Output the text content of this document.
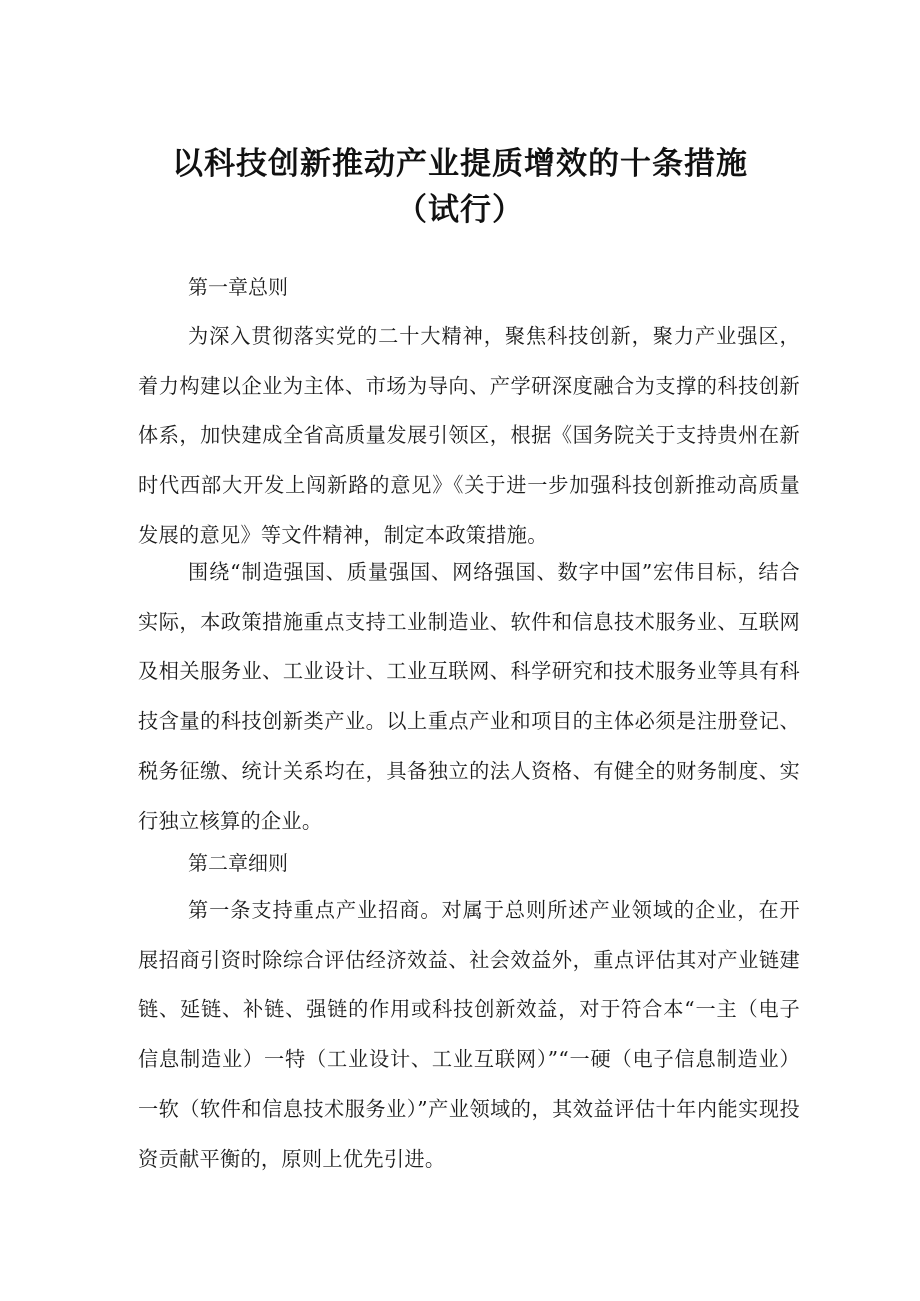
以科技创新推动产业提质增效的十条措施
（试行）

第一章总则

为深入贯彻落实党的二十大精神，聚焦科技创新，聚力产业强区，着力构建以企业为主体、市场为导向、产学研深度融合为支撑的科技创新体系，加快建成全省高质量发展引领区，根据《国务院关于支持贵州在新时代西部大开发上闯新路的意见》《关于进一步加强科技创新推动高质量发展的意见》等文件精神，制定本政策措施。

围绕“制造强国、质量强国、网络强国、数字中国”宏伟目标，结合实际，本政策措施重点支持工业制造业、软件和信息技术服务业、互联网及相关服务业、工业设计、工业互联网、科学研究和技术服务业等具有科技含量的科技创新类产业。以上重点产业和项目的主体必须是注册登记、税务征缴、统计关系均在，具备独立的法人资格、有健全的财务制度、实行独立核算的企业。

第二章细则

第一条支持重点产业招商。对属于总则所述产业领域的企业，在开展招商引资时除综合评估经济效益、社会效益外，重点评估其对产业链建链、延链、补链、强链的作用或科技创新效益，对于符合本“一主（电子信息制造业）一特（工业设计、工业互联网）”“一硬（电子信息制造业）一软（软件和信息技术服务业）”产业领域的，其效益评估十年内能实现投资贡献平衡的，原则上优先引进。
